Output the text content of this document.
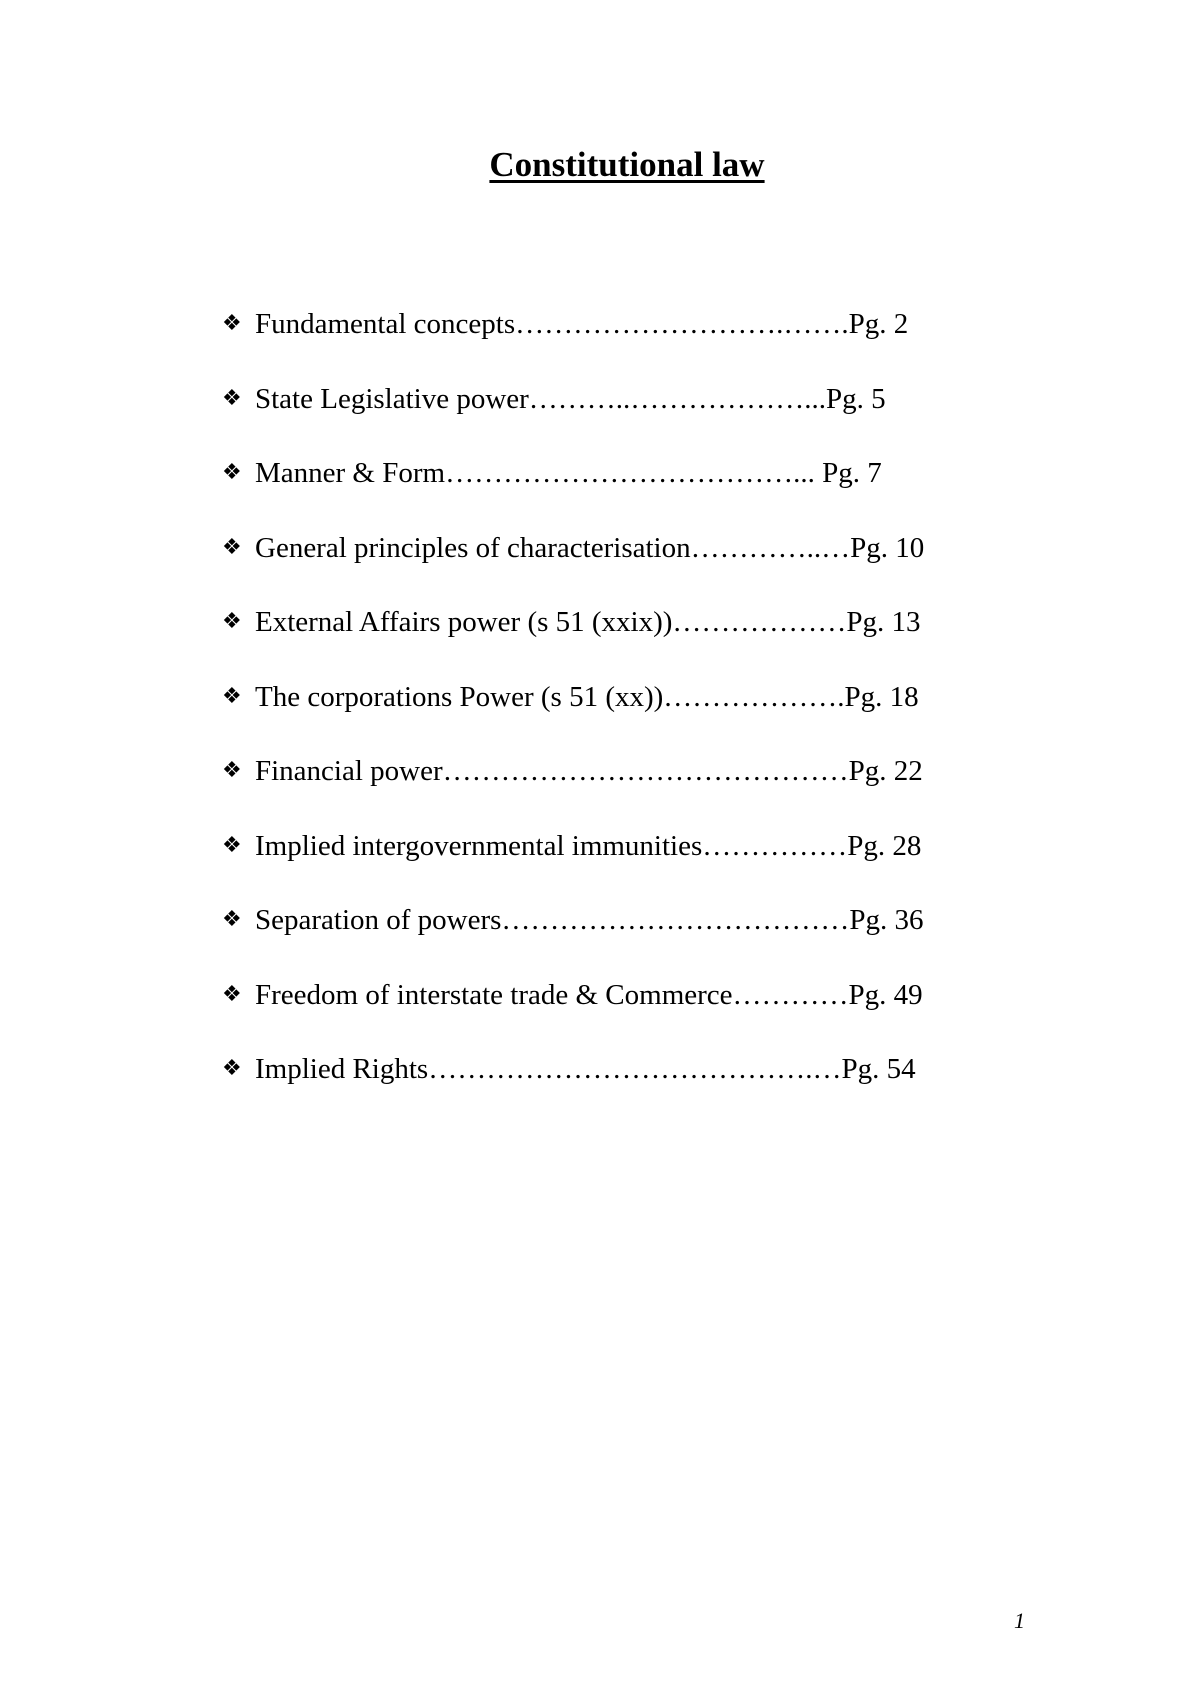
Constitutional law
❖ Fundamental concepts……………………….…….Pg. 2
❖ State Legislative power………..………………...Pg. 5
❖ Manner & Form………………………………... Pg. 7
❖ General principles of characterisation…………..…Pg. 10
❖ External Affairs power (s 51 (xxix))………………Pg. 13
❖ The corporations Power (s 51 (xx))……………….Pg. 18
❖ Financial power……………………………………Pg. 22
❖ Implied intergovernmental immunities……………Pg. 28
❖ Separation of powers………………………………Pg. 36
❖ Freedom of interstate trade & Commerce…………Pg. 49
❖ Implied Rights………………………………….…Pg. 54
1
